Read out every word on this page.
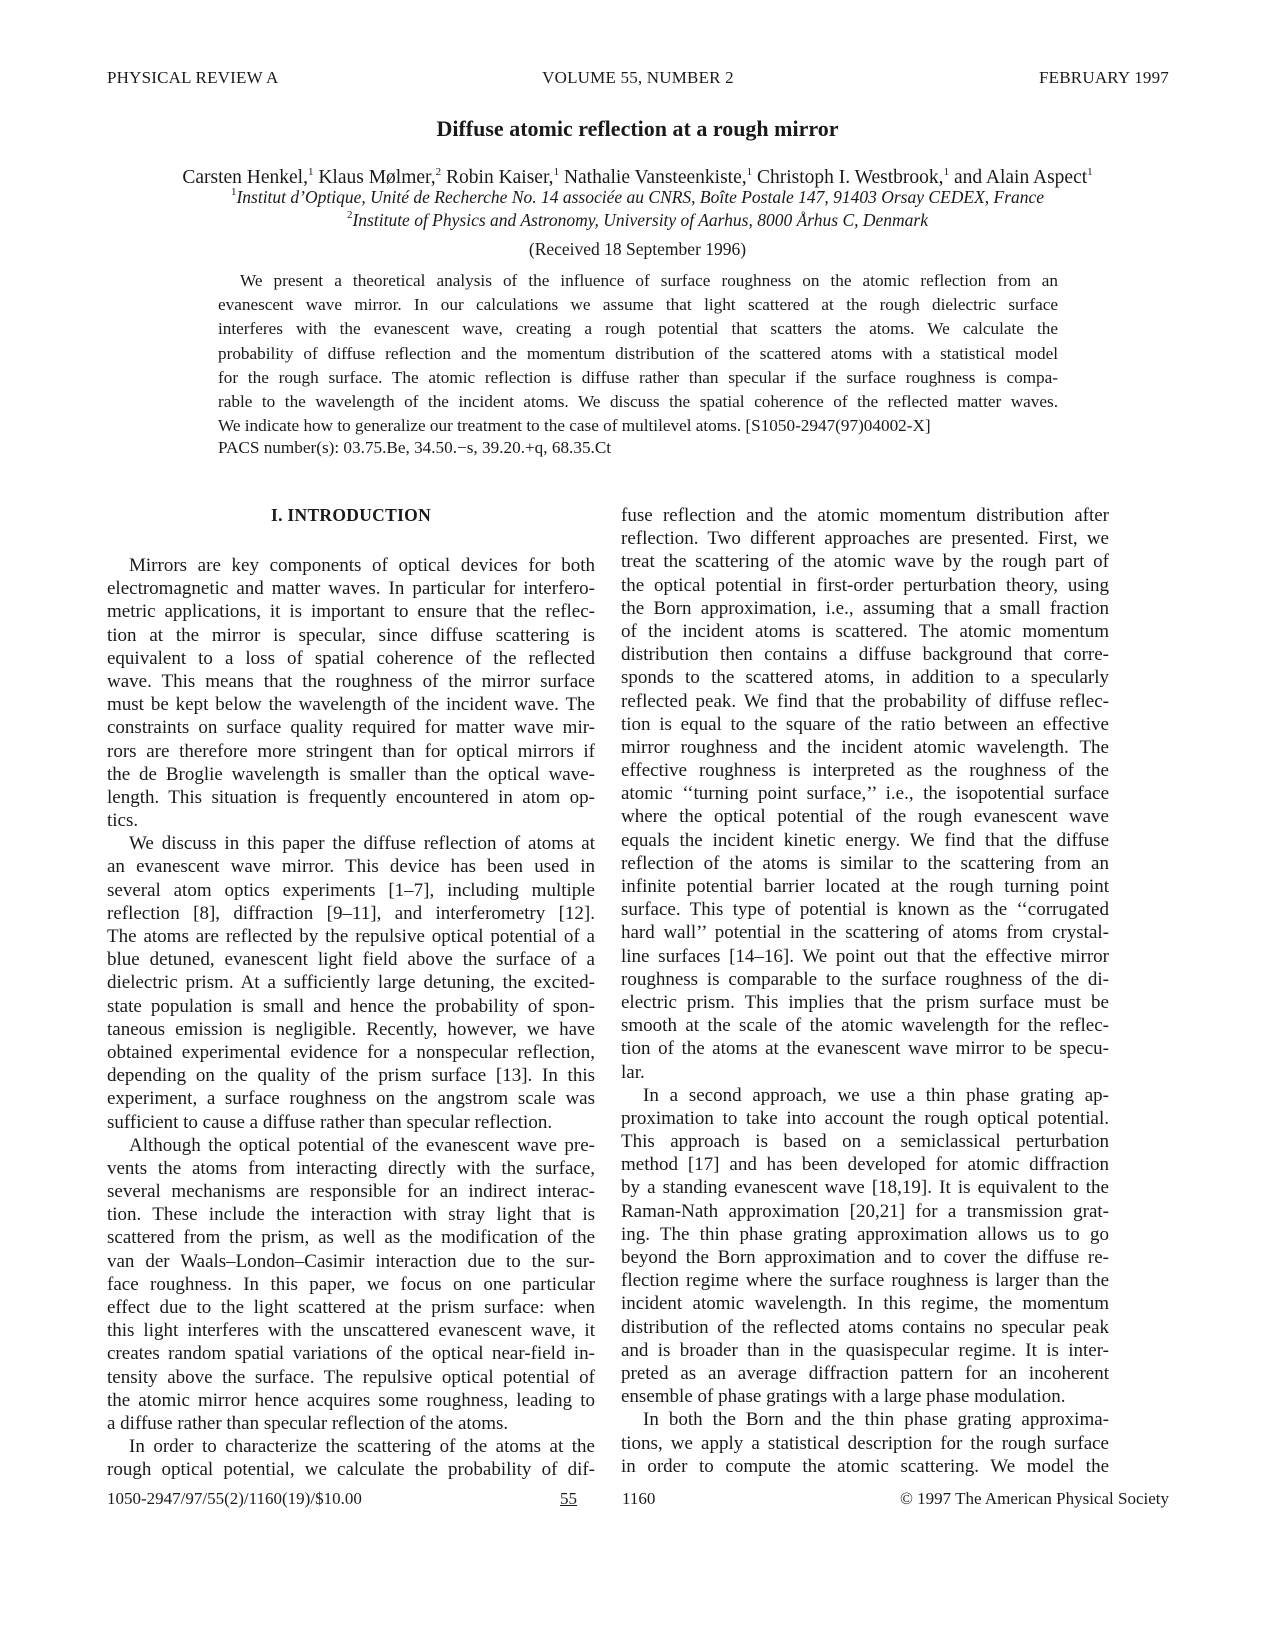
VOLUME 55, NUMBER 2
PHYSICAL REVIEW A	FEBRUARY 1997
Diffuse atomic reflection at a rough mirror
Carsten Henkel,$^1$ Klaus Mølmer,$^2$ Robin Kaiser,$^1$ Nathalie Vansteenkiste,$^1$ Christoph I. Westbrook,$^1$ and Alain Aspect$^1$
$^1$Institut d’Optique, Unité de Recherche No. 14 associée au CNRS, Boîte Postale 147, 91403 Orsay CEDEX, France
$^2$Institute of Physics and Astronomy, University of Aarhus, 8000 Århus C, Denmark
(Received 18 September 1996)
We present a theoretical analysis of the influence of surface roughness on the atomic reflection from an
evanescent wave mirror. In our calculations we assume that light scattered at the rough dielectric surface
interferes with the evanescent wave, creating a rough potential that scatters the atoms. We calculate the
probability of diffuse reflection and the momentum distribution of the scattered atoms with a statistical model
for the rough surface. The atomic reflection is diffuse rather than specular if the surface roughness is compa-
rable to the wavelength of the incident atoms. We discuss the spatial coherence of the reflected matter waves.
We indicate how to generalize our treatment to the case of multilevel atoms. [S1050-2947(97)04002-X]
PACS number(s): 03.75.Be, 34.50.−s, 39.20.+q, 68.35.Ct
I. INTRODUCTION
Mirrors are key components of optical devices for both
electromagnetic and matter waves. In particular for interfero-
metric applications, it is important to ensure that the reflec-
tion at the mirror is specular, since diffuse scattering is
equivalent to a loss of spatial coherence of the reflected
wave. This means that the roughness of the mirror surface
must be kept below the wavelength of the incident wave. The
constraints on surface quality required for matter wave mir-
rors are therefore more stringent than for optical mirrors if
the de Broglie wavelength is smaller than the optical wave-
length. This situation is frequently encountered in atom op-
tics.
We discuss in this paper the diffuse reflection of atoms at
an evanescent wave mirror. This device has been used in
several atom optics experiments [1–7], including multiple
reflection [8], diffraction [9–11], and interferometry [12].
The atoms are reflected by the repulsive optical potential of a
blue detuned, evanescent light field above the surface of a
dielectric prism. At a sufficiently large detuning, the excited-
state population is small and hence the probability of spon-
taneous emission is negligible. Recently, however, we have
obtained experimental evidence for a nonspecular reflection,
depending on the quality of the prism surface [13]. In this
experiment, a surface roughness on the angstrom scale was
sufficient to cause a diffuse rather than specular reflection.
Although the optical potential of the evanescent wave pre-
vents the atoms from interacting directly with the surface,
several mechanisms are responsible for an indirect interac-
tion. These include the interaction with stray light that is
scattered from the prism, as well as the modification of the
van der Waals–London–Casimir interaction due to the sur-
face roughness. In this paper, we focus on one particular
effect due to the light scattered at the prism surface: when
this light interferes with the unscattered evanescent wave, it
creates random spatial variations of the optical near-field in-
tensity above the surface. The repulsive optical potential of
the atomic mirror hence acquires some roughness, leading to
a diffuse rather than specular reflection of the atoms.
In order to characterize the scattering of the atoms at the
rough optical potential, we calculate the probability of dif-
fuse reflection and the atomic momentum distribution after
reflection. Two different approaches are presented. First, we
treat the scattering of the atomic wave by the rough part of
the optical potential in first-order perturbation theory, using
the Born approximation, i.e., assuming that a small fraction
of the incident atoms is scattered. The atomic momentum
distribution then contains a diffuse background that corre-
sponds to the scattered atoms, in addition to a specularly
reflected peak. We find that the probability of diffuse reflec-
tion is equal to the square of the ratio between an effective
mirror roughness and the incident atomic wavelength. The
effective roughness is interpreted as the roughness of the
atomic ‘‘turning point surface,’’ i.e., the isopotential surface
where the optical potential of the rough evanescent wave
equals the incident kinetic energy. We find that the diffuse
reflection of the atoms is similar to the scattering from an
infinite potential barrier located at the rough turning point
surface. This type of potential is known as the ‘‘corrugated
hard wall’’ potential in the scattering of atoms from crystal-
line surfaces [14–16]. We point out that the effective mirror
roughness is comparable to the surface roughness of the di-
electric prism. This implies that the prism surface must be
smooth at the scale of the atomic wavelength for the reflec-
tion of the atoms at the evanescent wave mirror to be specu-
lar.
In a second approach, we use a thin phase grating ap-
proximation to take into account the rough optical potential.
This approach is based on a semiclassical perturbation
method [17] and has been developed for atomic diffraction
by a standing evanescent wave [18,19]. It is equivalent to the
Raman-Nath approximation [20,21] for a transmission grat-
ing. The thin phase grating approximation allows us to go
beyond the Born approximation and to cover the diffuse re-
flection regime where the surface roughness is larger than the
incident atomic wavelength. In this regime, the momentum
distribution of the reflected atoms contains no specular peak
and is broader than in the quasispecular regime. It is inter-
preted as an average diffraction pattern for an incoherent
ensemble of phase gratings with a large phase modulation.
In both the Born and the thin phase grating approxima-
tions, we apply a statistical description for the rough surface
in order to compute the atomic scattering. We model the
1050-2947/97/55(2)/1160(19)/$10.00	55	1160	© 1997 The American Physical Society
